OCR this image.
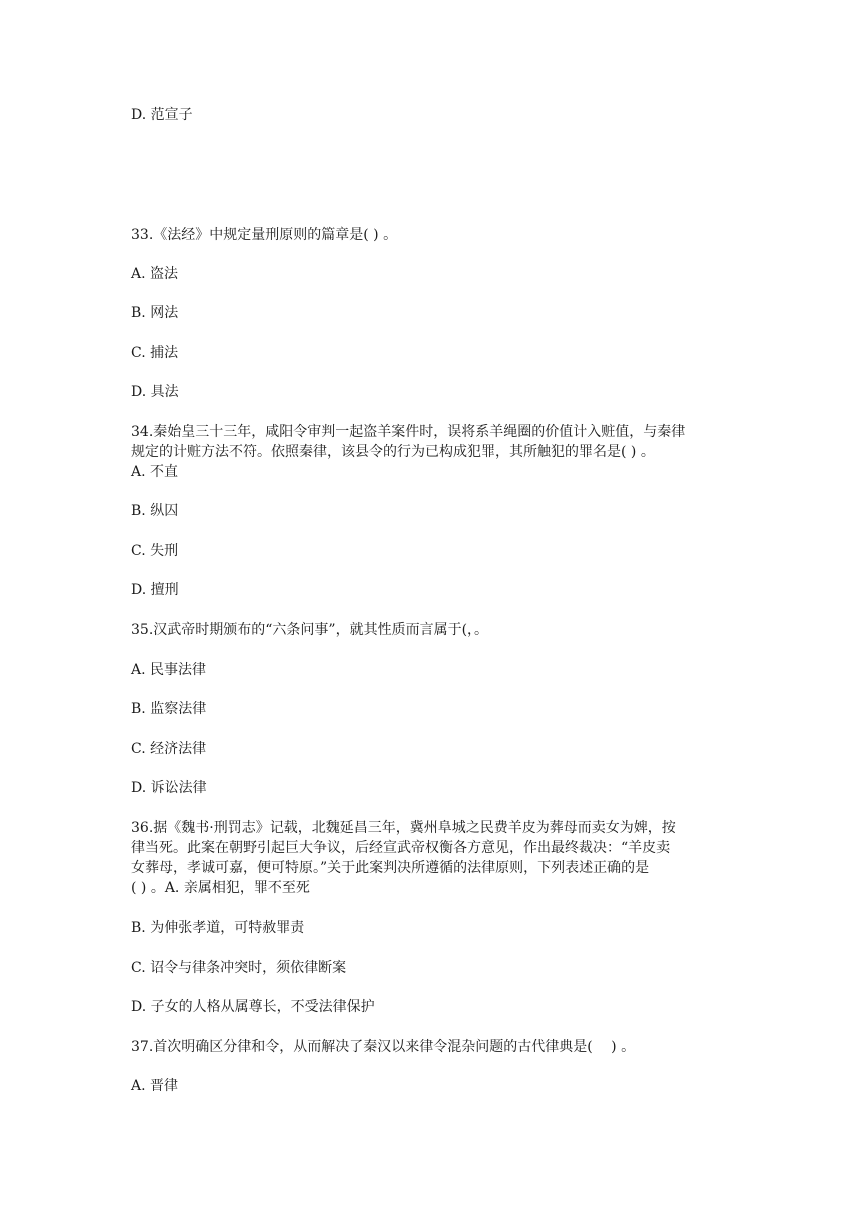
D. 范宣子
33.《法经》中规定量刑原则的篇章是( ) 。
A. 盗法
B. 网法
C. 捕法
D. 具法
34.秦始皇三十三年，咸阳令审判一起盗羊案件时，误将系羊绳圈的价值计入赃值，与秦律
规定的计赃方法不符。依照秦律，该县令的行为已构成犯罪，其所触犯的罪名是( ) 。
A. 不直
B. 纵囚
C. 失刑
D. 擅刑
35.汉武帝时期颁布的“六条问事”，就其性质而言属于(，。
A. 民事法律
B. 监察法律
C. 经济法律
D. 诉讼法律
36.据《魏书·刑罚志》记载，北魏延昌三年，冀州阜城之民费羊皮为葬母而卖女为婢，按
律当死。此案在朝野引起巨大争议，后经宣武帝权衡各方意见，作出最终裁决：“羊皮卖
女葬母，孝诚可嘉，便可特原。”关于此案判决所遵循的法律原则，下列表述正确的是
( ) 。A. 亲属相犯，罪不至死
B. 为伸张孝道，可特赦罪责
C. 诏令与律条冲突时，须依律断案
D. 子女的人格从属尊长，不受法律保护
37.首次明确区分律和令，从而解决了秦汉以来律令混杂问题的古代律典是(　 ) 。
A. 晋律
